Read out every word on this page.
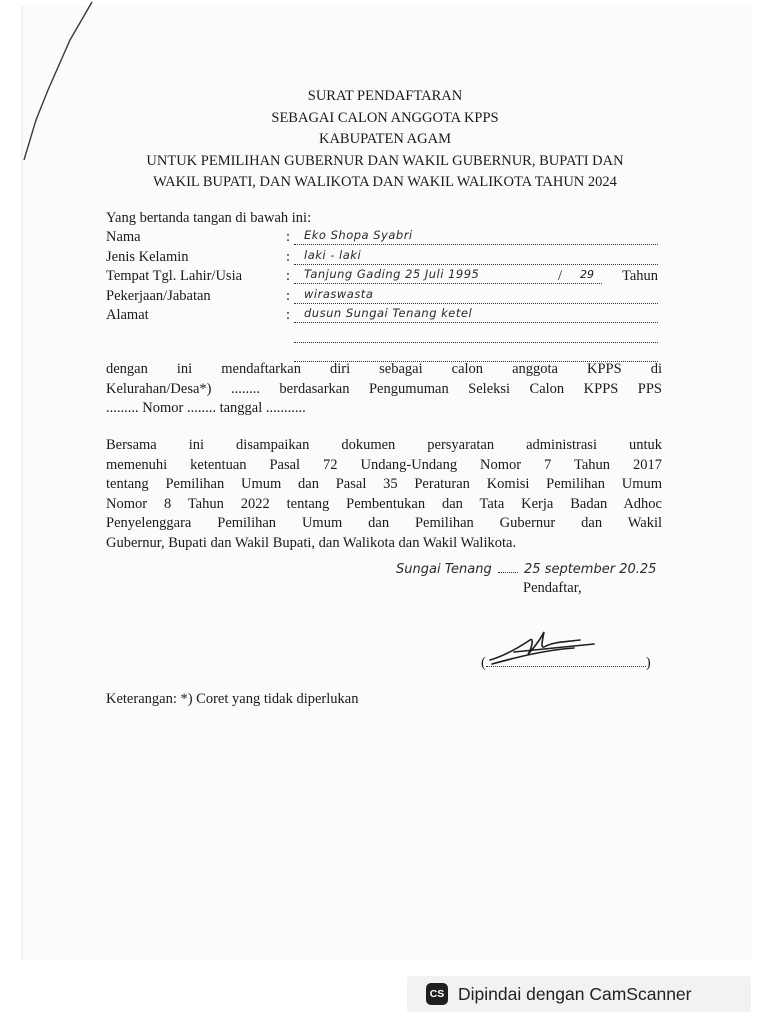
SURAT PENDAFTARAN
SEBAGAI CALON ANGGOTA KPPS
KABUPATEN AGAM
UNTUK PEMILIHAN GUBERNUR DAN WAKIL GUBERNUR, BUPATI DAN
WAKIL BUPATI, DAN WALIKOTA DAN WAKIL WALIKOTA TAHUN 2024
Yang bertanda tangan di bawah ini:
Nama	: Eko Shopa Syabri
Jenis Kelamin	: laki - laki
Tempat Tgl. Lahir/Usia	: Tanjung Gading 25 Juli 1995	/ 29 Tahun
Pekerjaan/Jabatan	: wiraswasta
Alamat	: dusun Sungai Tenang ketel
dengan ini mendaftarkan diri sebagai calon anggota KPPS di
Kelurahan/Desa*) ........ berdasarkan Pengumuman Seleksi Calon KPPS PPS
......... Nomor ........ tanggal ...........
Bersama ini disampaikan dokumen persyaratan administrasi untuk
memenuhi ketentuan Pasal 72 Undang-Undang Nomor 7 Tahun 2017
tentang Pemilihan Umum dan Pasal 35 Peraturan Komisi Pemilihan Umum
Nomor 8 Tahun 2022 tentang Pembentukan dan Tata Kerja Badan Adhoc
Penyelenggara Pemilihan Umum dan Pemilihan Gubernur dan Wakil
Gubernur, Bupati dan Wakil Bupati, dan Walikota dan Wakil Walikota.
Sungai Tenang 25 september 20.25
Pendaftar,
(	)
Keterangan: *) Coret yang tidak diperlukan
CS Dipindai dengan CamScanner
